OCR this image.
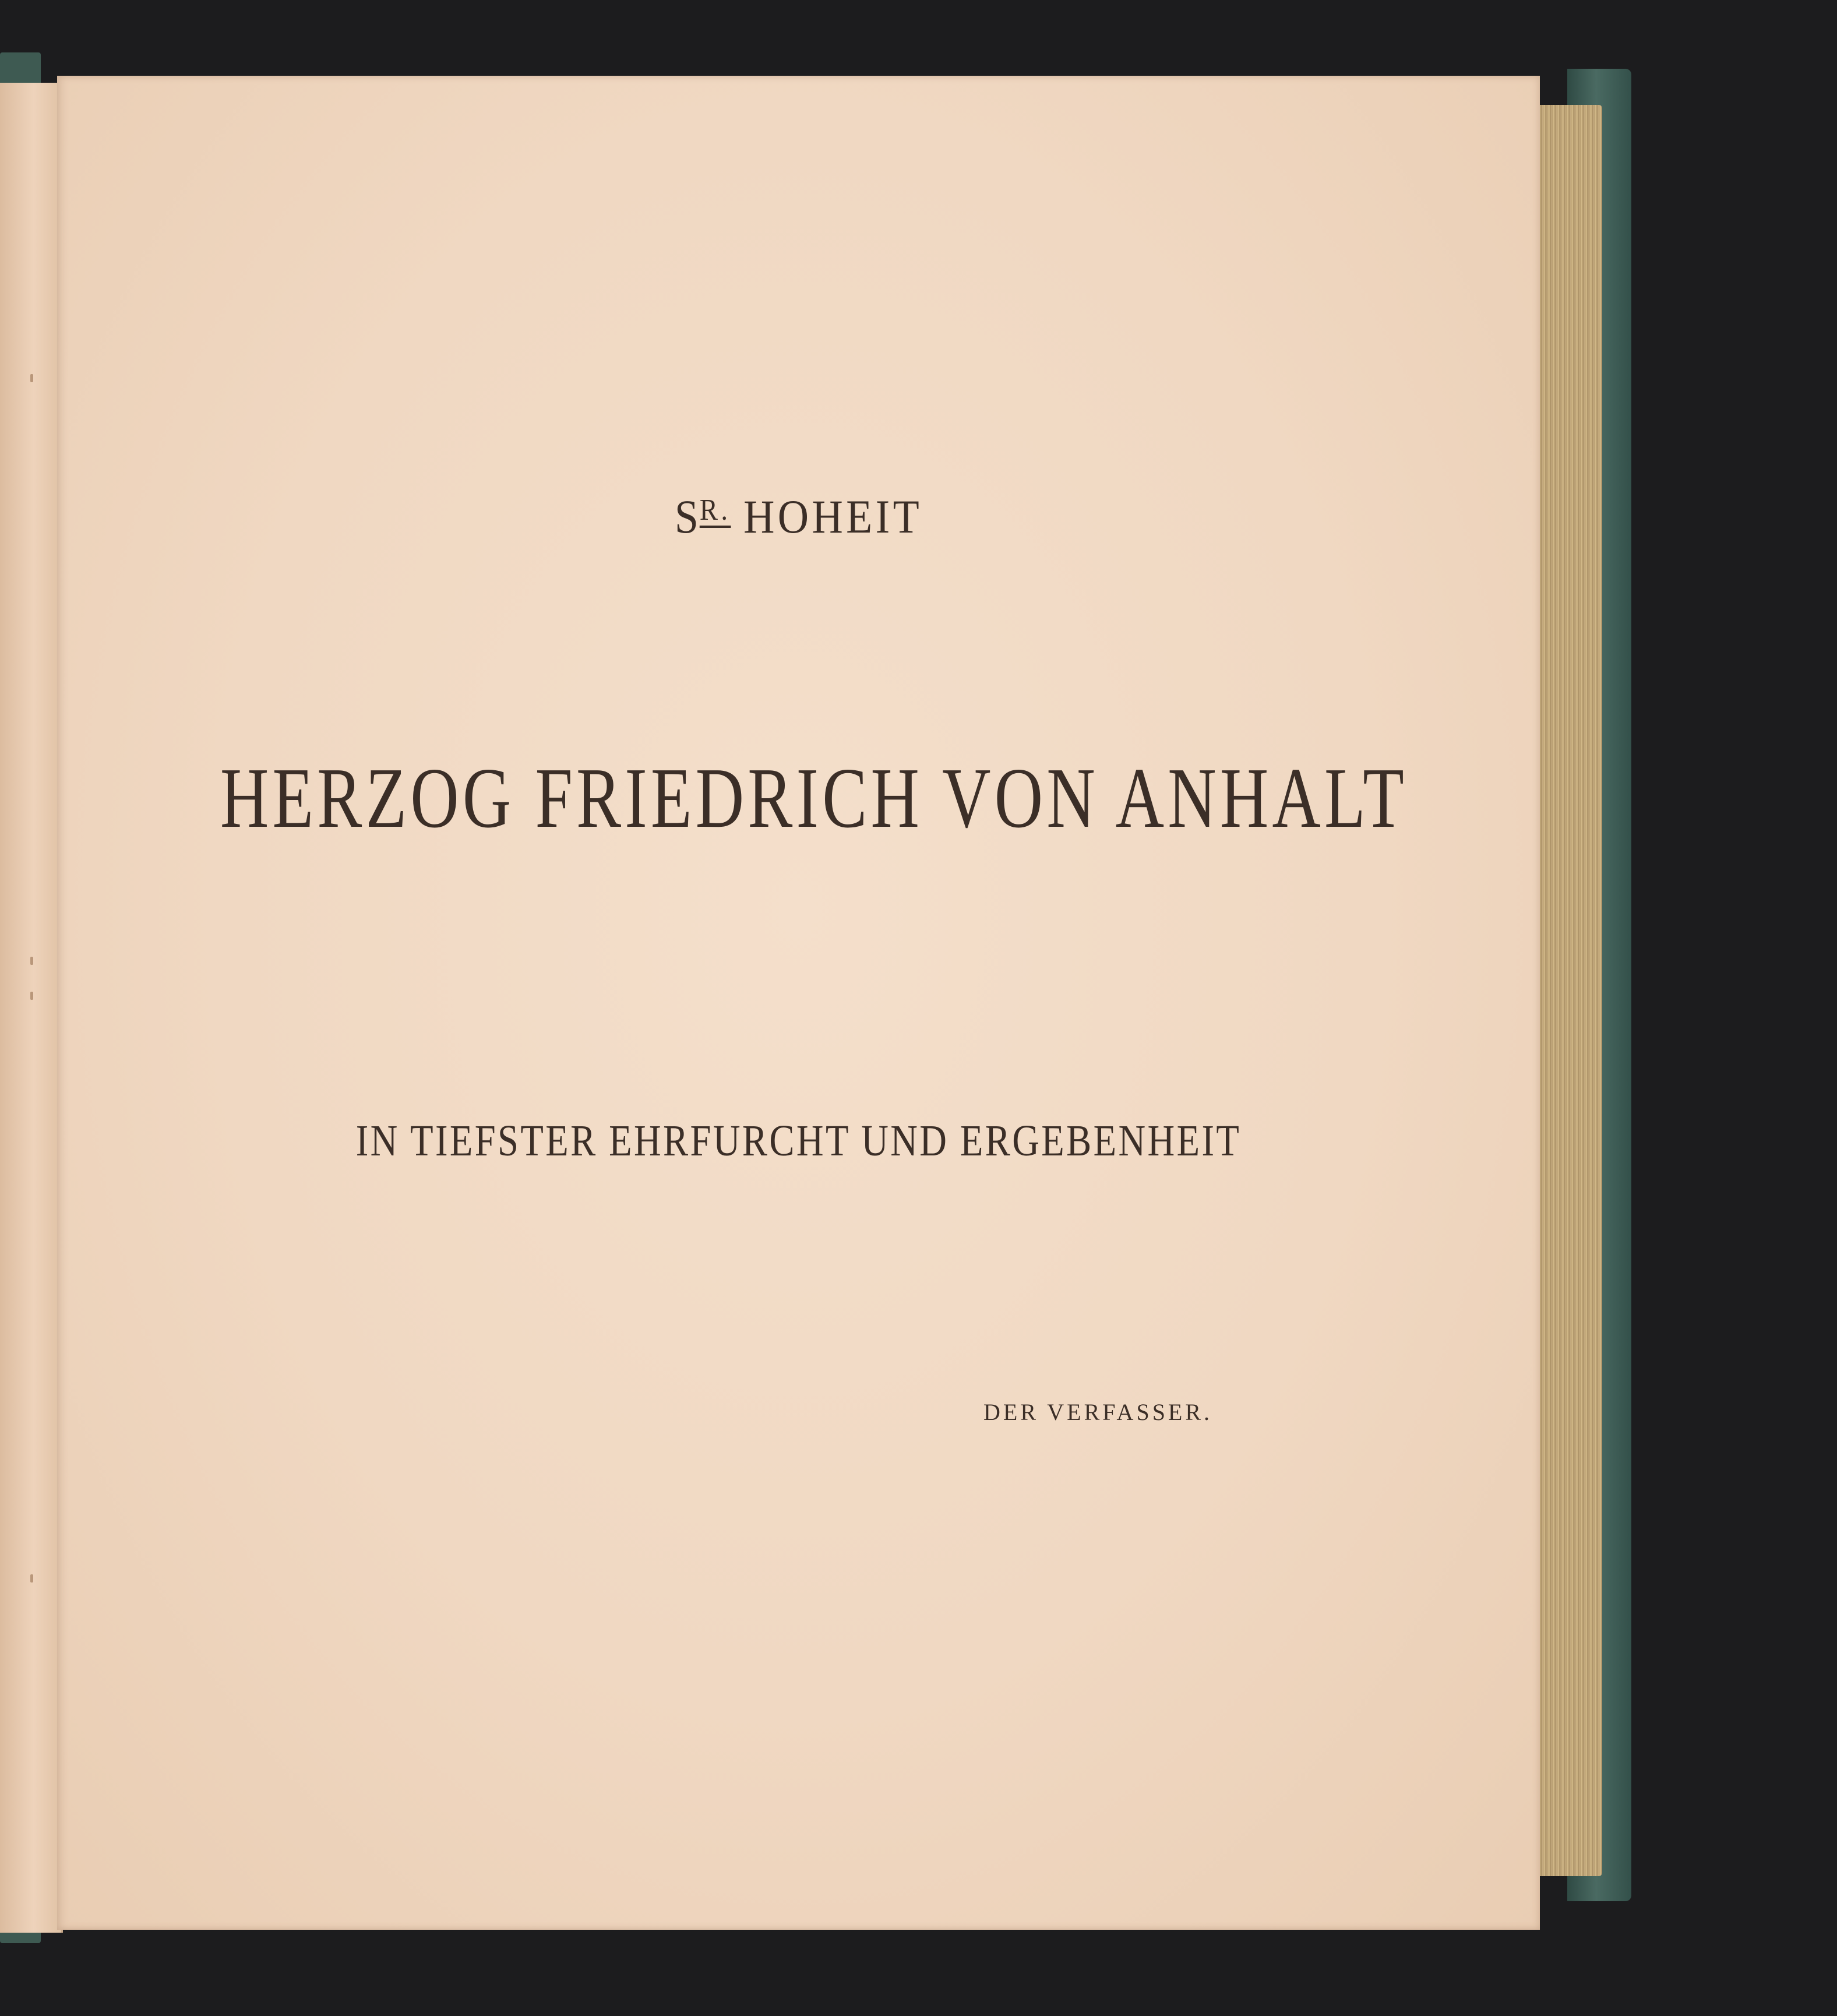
$S^{R.}$ HOHEIT
HERZOG FRIEDRICH VON ANHALT
IN TIEFSTER EHRFURCHT UND ERGEBENHEIT
DER VERFASSER.
